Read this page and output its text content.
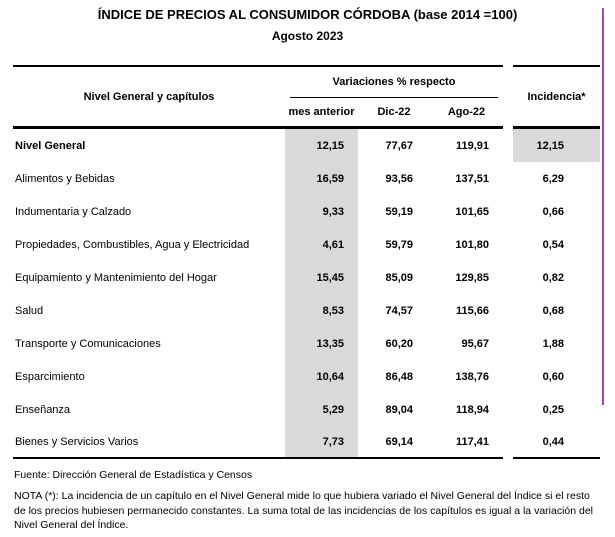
ÍNDICE DE PRECIOS AL CONSUMIDOR CÓRDOBA (base 2014 =100)
Agosto 2023
Nivel General y capítulos
Variaciones % respecto
mes anterior	Dic-22	Ago-22
Incidencia*
Nivel General	12,15	77,67	119,91	12,15
Alimentos y Bebidas	16,59	93,56	137,51	6,29
Indumentaria y Calzado	9,33	59,19	101,65	0,66
Propiedades, Combustibles, Agua y Electricidad	4,61	59,79	101,80	0,54
Equipamiento y Mantenimiento del Hogar	15,45	85,09	129,85	0,82
Salud	8,53	74,57	115,66	0,68
Transporte y Comunicaciones	13,35	60,20	95,67	1,88
Esparcimiento	10,64	86,48	138,76	0,60
Enseñanza	5,29	89,04	118,94	0,25
Bienes y Servicios Varios	7,73	69,14	117,41	0,44
Fuente: Dirección General de Estadística y Censos
NOTA (*): La incidencia de un capítulo en el Nivel General mide lo que hubiera variado el Nivel General del Índice si el resto de los precios hubiesen permanecido constantes. La suma total de las incidencias de los capítulos es igual a la variación del Nivel General del Índice.
